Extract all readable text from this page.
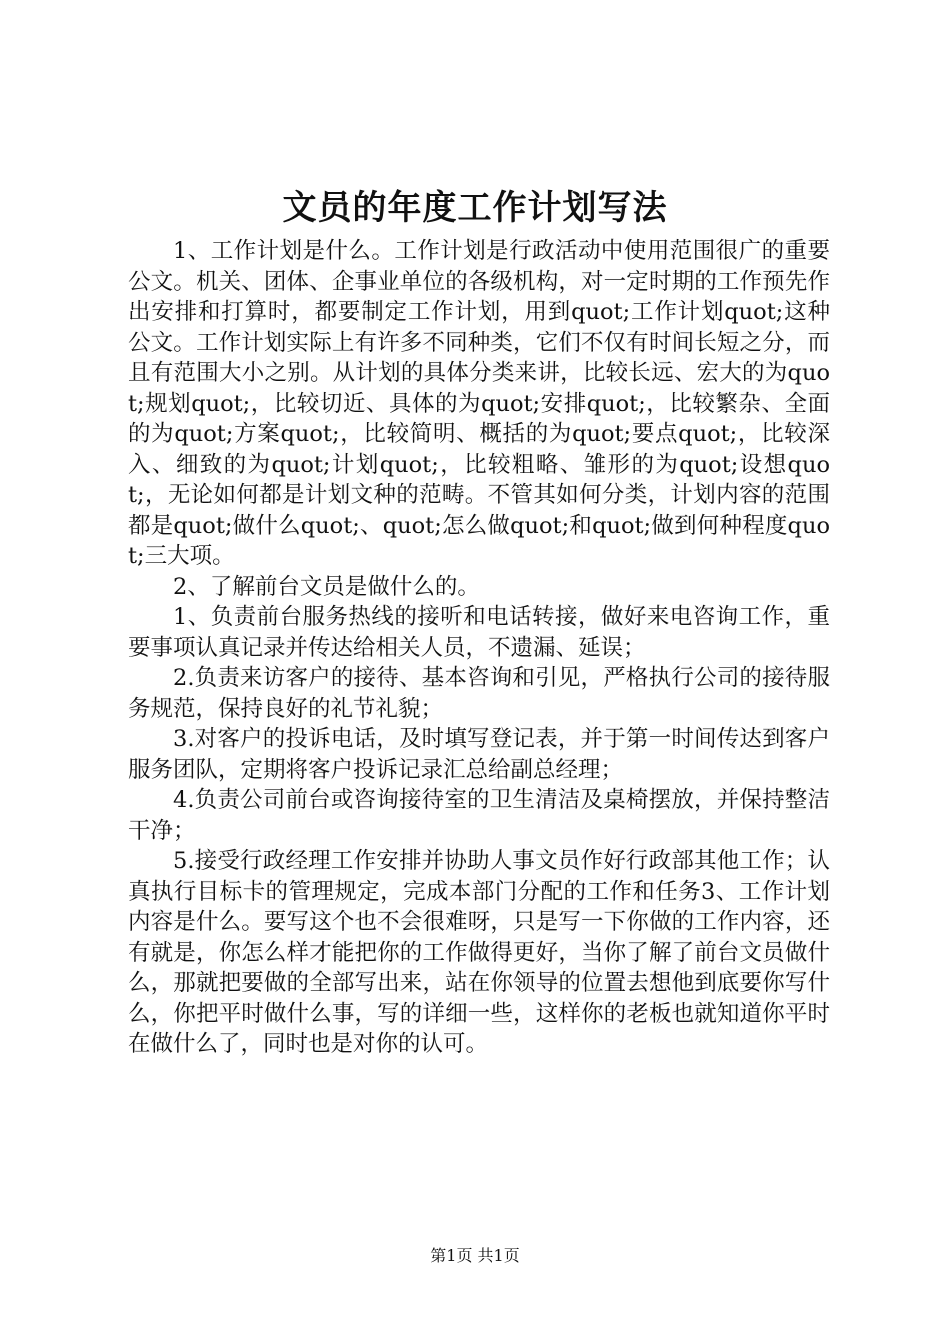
文员的年度工作计划写法

1、工作计划是什么。工作计划是行政活动中使用范围很广的重要公文。机关、团体、企事业单位的各级机构，对一定时期的工作预先作出安排和打算时，都要制定工作计划，用到quot;工作计划quot;这种公文。工作计划实际上有许多不同种类，它们不仅有时间长短之分，而且有范围大小之别。从计划的具体分类来讲，比较长远、宏大的为quot;规划quot;，比较切近、具体的为quot;安排quot;，比较繁杂、全面的为quot;方案quot;，比较简明、概括的为quot;要点quot;，比较深入、细致的为quot;计划quot;，比较粗略、雏形的为quot;设想quot;，无论如何都是计划文种的范畴。不管其如何分类，计划内容的范围都是quot;做什么quot;、quot;怎么做quot;和quot;做到何种程度quot;三大项。

2、了解前台文员是做什么的。

1、负责前台服务热线的接听和电话转接，做好来电咨询工作，重要事项认真记录并传达给相关人员，不遗漏、延误；

2.负责来访客户的接待、基本咨询和引见，严格执行公司的接待服务规范，保持良好的礼节礼貌；

3.对客户的投诉电话，及时填写登记表，并于第一时间传达到客户服务团队，定期将客户投诉记录汇总给副总经理；

4.负责公司前台或咨询接待室的卫生清洁及桌椅摆放，并保持整洁干净；

5.接受行政经理工作安排并协助人事文员作好行政部其他工作；认真执行目标卡的管理规定，完成本部门分配的工作和任务3、工作计划内容是什么。要写这个也不会很难呀，只是写一下你做的工作内容，还有就是，你怎么样才能把你的工作做得更好，当你了解了前台文员做什么，那就把要做的全部写出来，站在你领导的位置去想他到底要你写什么，你把平时做什么事，写的详细一些，这样你的老板也就知道你平时在做什么了，同时也是对你的认可。

第1页 共1页
